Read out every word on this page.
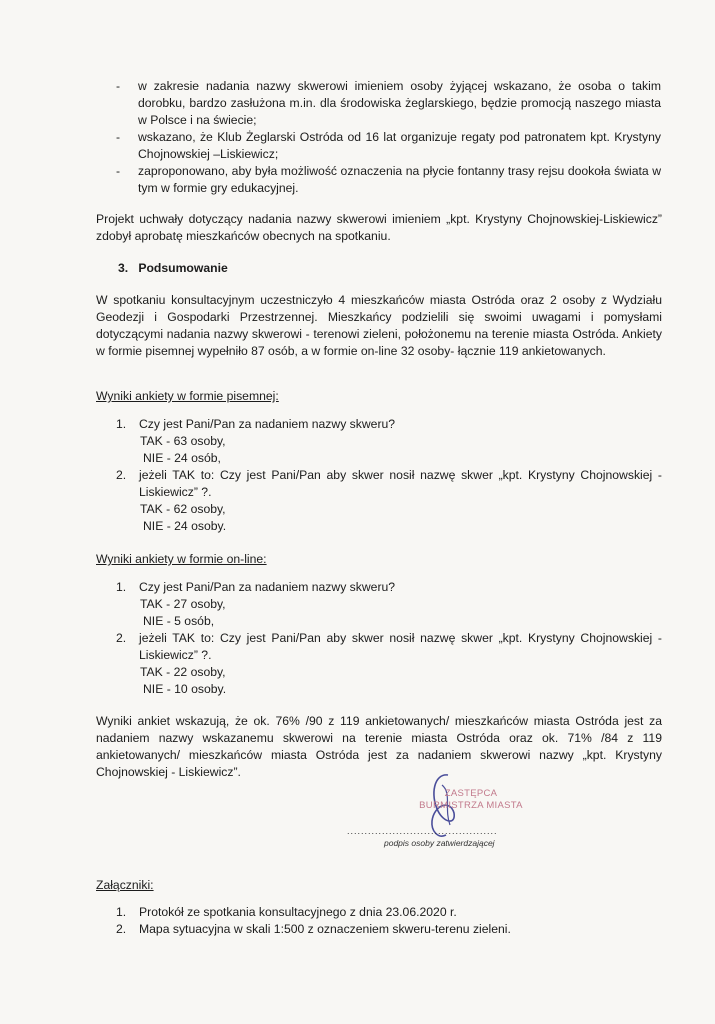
-	w zakresie nadania nazwy skwerowi imieniem osoby żyjącej wskazano, że osoba o takim dorobku, bardzo zasłużona m.in. dla środowiska żeglarskiego, będzie promocją naszego miasta w Polsce i na świecie;
-	wskazano, że Klub Żeglarski Ostróda od 16 lat organizuje regaty pod patronatem kpt. Krystyny Chojnowskiej –Liskiewicz;
-	zaproponowano, aby była możliwość oznaczenia na płycie fontanny trasy rejsu dookoła świata w tym w formie gry edukacyjnej.
Projekt uchwały dotyczący nadania nazwy skwerowi imieniem „kpt. Krystyny Chojnowskiej-Liskiewicz” zdobył aprobatę mieszkańców obecnych na spotkaniu.
3. Podsumowanie
W spotkaniu konsultacyjnym uczestniczyło 4 mieszkańców miasta Ostróda oraz 2 osoby z Wydziału Geodezji i Gospodarki Przestrzennej. Mieszkańcy podzielili się swoimi uwagami i pomysłami dotyczącymi nadania nazwy skwerowi - terenowi zieleni, położonemu na terenie miasta Ostróda. Ankiety w formie pisemnej wypełniło 87 osób, a w formie on-line 32 osoby- łącznie 119 ankietowanych.
Wyniki ankiety w formie pisemnej:
1.	Czy jest Pani/Pan za nadaniem nazwy skweru?
TAK - 63 osoby,
NIE - 24 osób,
2.	jeżeli TAK to: Czy jest Pani/Pan aby skwer nosił nazwę skwer „kpt. Krystyny Chojnowskiej - Liskiewicz” ?.
TAK - 62 osoby,
NIE - 24 osoby.
Wyniki ankiety w formie on-line:
1.	Czy jest Pani/Pan za nadaniem nazwy skweru?
TAK - 27 osoby,
NIE - 5 osób,
2.	jeżeli TAK to: Czy jest Pani/Pan aby skwer nosił nazwę skwer „kpt. Krystyny Chojnowskiej - Liskiewicz” ?.
TAK - 22 osoby,
NIE - 10 osoby.
Wyniki ankiet wskazują, że ok. 76% /90 z 119 ankietowanych/ mieszkańców miasta Ostróda jest za nadaniem nazwy wskazanemu skwerowi na terenie miasta Ostróda oraz ok. 71% /84 z 119 ankietowanych/ mieszkańców miasta Ostróda jest za nadaniem skwerowi nazwy „kpt. Krystyny Chojnowskiej - Liskiewicz”.
ZASTĘPCA
BURMISTRZA MIASTA
...........................................
podpis osoby zatwierdzającej
Załączniki:
1.	Protokół ze spotkania konsultacyjnego z dnia 23.06.2020 r.
2.	Mapa sytuacyjna w skali 1:500 z oznaczeniem skweru-terenu zieleni.
